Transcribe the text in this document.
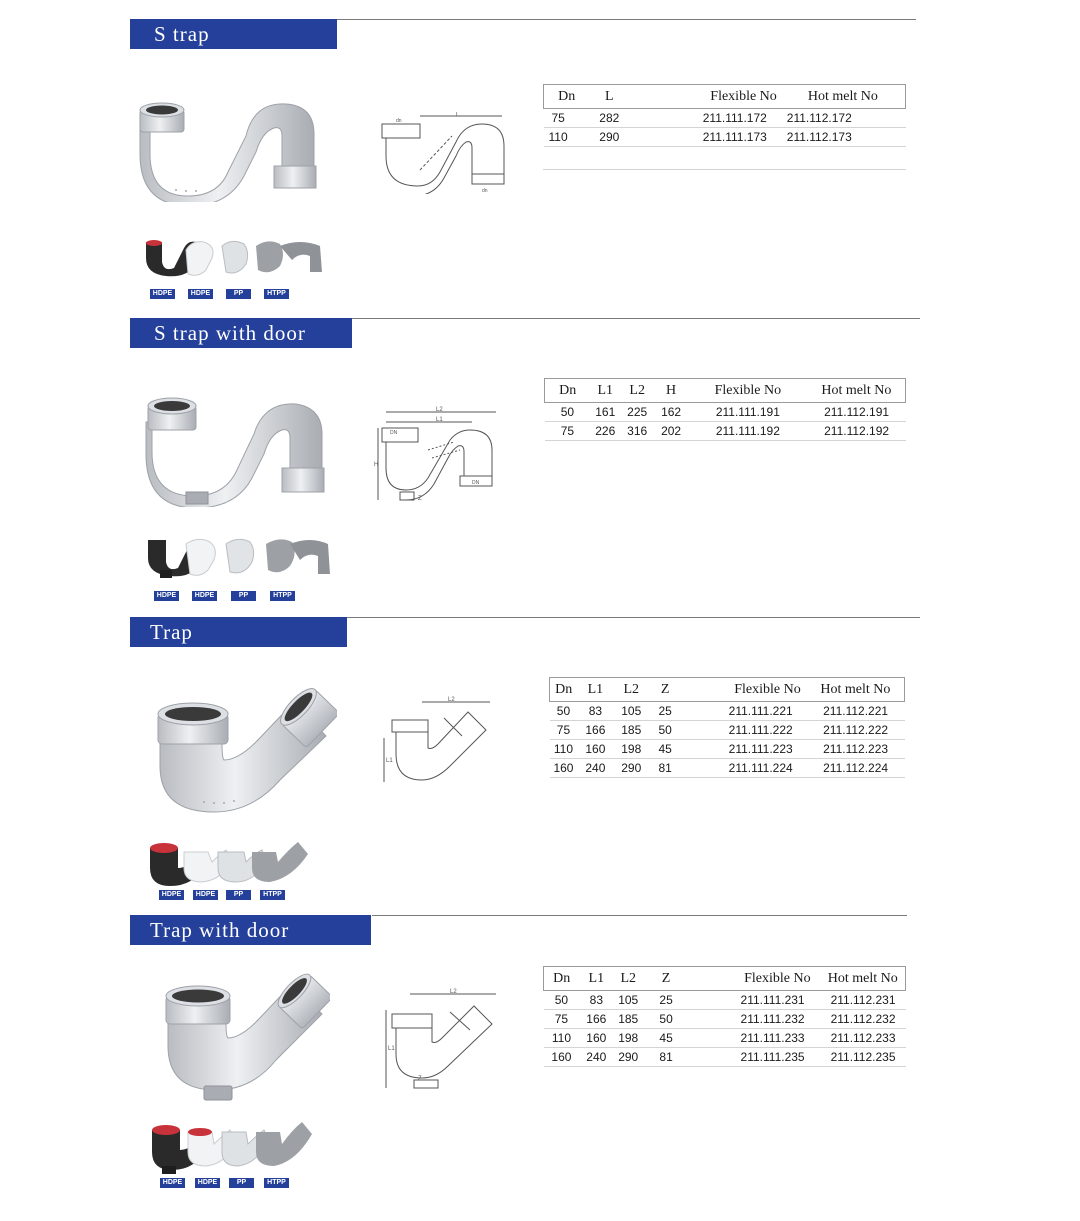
S trap
L
dn
dn
Dn	L	Flexible No	Hot melt No
75	282	211.111.172	211.112.172
110	290	211.111.173	211.112.173
HDPE	HDPE	PP	HTPP
S trap with door
L2
L1
DN
H
Z
DN
Dn	L1	L2	H	Flexible No	Hot melt No
50	161	225	162	211.111.191	211.112.191
75	226	316	202	211.111.192	211.112.192
HDPE	HDPE	PP	HTPP
Trap
L2
L1
Dn	L1	L2	Z	Flexible No	Hot melt No
50	83	105	25	211.111.221	211.112.221
75	166	185	50	211.111.222	211.112.222
110	160	198	45	211.111.223	211.112.223
160	240	290	81	211.111.224	211.112.224
HDPE	HDPE	PP	HTPP
Trap with door
L2
L1
Z
Dn	L1	L2	Z	Flexible No	Hot melt No
50	83	105	25	211.111.231	211.112.231
75	166	185	50	211.111.232	211.112.232
110	160	198	45	211.111.233	211.112.233
160	240	290	81	211.111.235	211.112.235
HDPE	HDPE	PP	HTPP
